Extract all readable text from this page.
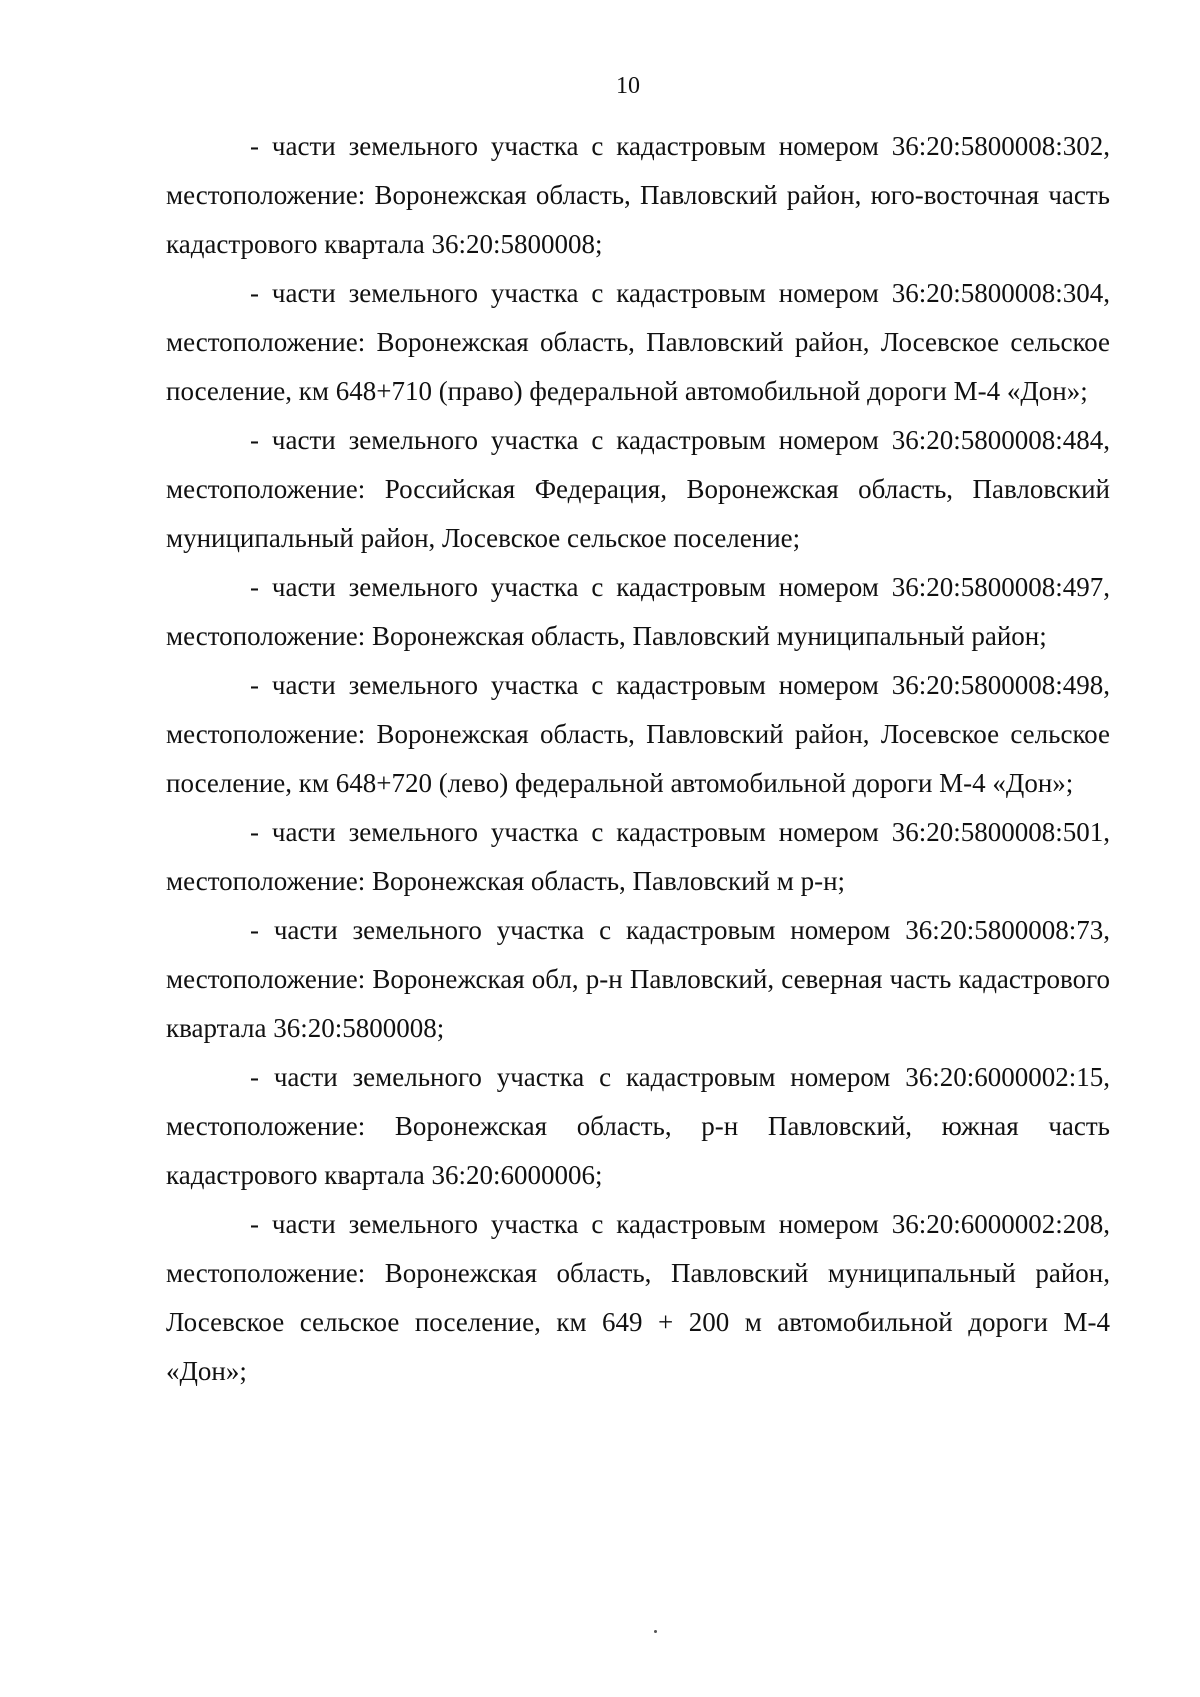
10

- части земельного участка с кадастровым номером 36:20:5800008:302, местоположение: Воронежская область, Павловский район, юго-восточная часть кадастрового квартала 36:20:5800008;

- части земельного участка с кадастровым номером 36:20:5800008:304, местоположение: Воронежская область, Павловский район, Лосевское сельское поселение, км 648+710 (право) федеральной автомобильной дороги М-4 «Дон»;

- части земельного участка с кадастровым номером 36:20:5800008:484, местоположение: Российская Федерация, Воронежская область, Павловский муниципальный район, Лосевское сельское поселение;

- части земельного участка с кадастровым номером 36:20:5800008:497, местоположение: Воронежская область, Павловский муниципальный район;

- части земельного участка с кадастровым номером 36:20:5800008:498, местоположение: Воронежская область, Павловский район, Лосевское сельское поселение, км 648+720 (лево) федеральной автомобильной дороги М-4 «Дон»;

- части земельного участка с кадастровым номером 36:20:5800008:501, местоположение: Воронежская область, Павловский м р-н;

- части земельного участка с кадастровым номером 36:20:5800008:73, местоположение: Воронежская обл, р-н Павловский, северная часть кадастрового квартала 36:20:5800008;

- части земельного участка с кадастровым номером 36:20:6000002:15, местоположение: Воронежская область, р-н Павловский, южная часть кадастрового квартала 36:20:6000006;

- части земельного участка с кадастровым номером 36:20:6000002:208, местоположение: Воронежская область, Павловский муниципальный район, Лосевское сельское поселение, км 649 + 200 м автомобильной дороги М-4 «Дон»;
